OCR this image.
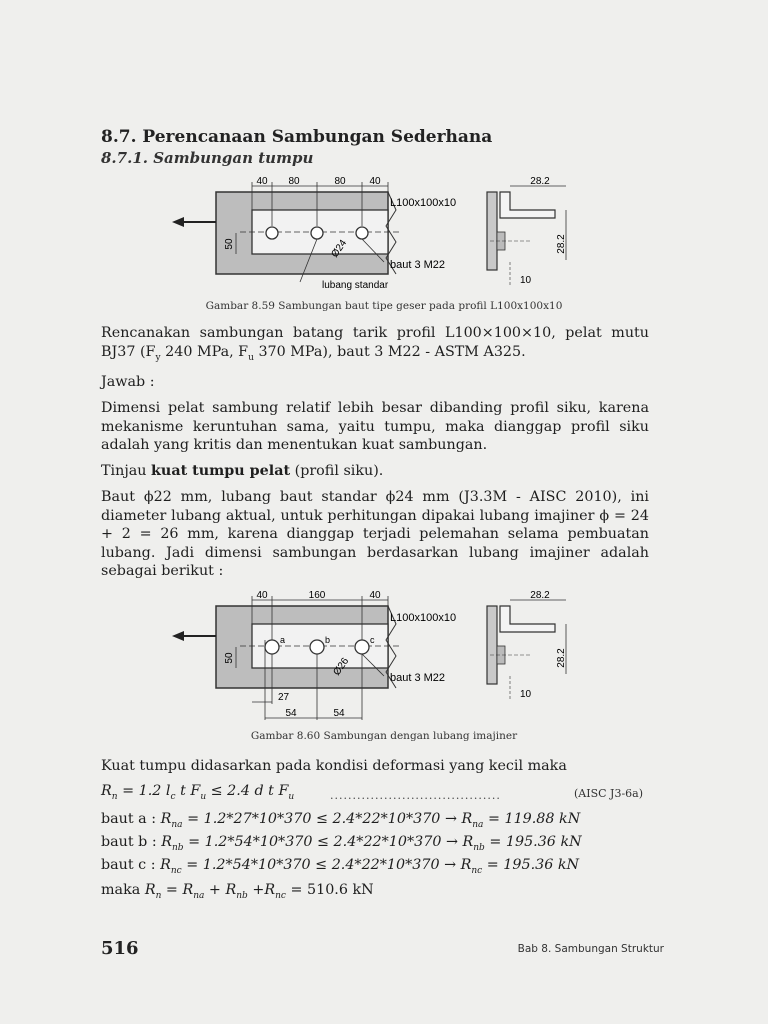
8.7. Perencanaan Sambungan Sederhana
8.7.1. Sambungan tumpu
40 80	80 40
50
L100x100x10
Ø24
baut 3 M22
lubang standar
28.2
28.2
10
Gambar 8.59 Sambungan baut tipe geser pada profil L100x100x10
Rencanakan sambungan batang tarik profil L100×100×10, pelat mutu BJ37 ($F_y$ 240 MPa, $F_u$ 370 MPa), baut 3 M22 - ASTM A325.
Jawab :
Dimensi pelat sambung relatif lebih besar dibanding profil siku, karena mekanisme keruntuhan sama, yaitu tumpu, maka dianggap profil siku adalah yang kritis dan menentukan kuat sambungan.
Tinjau kuat tumpu pelat (profil siku).
Baut ϕ22 mm, lubang baut standar ϕ24 mm (J3.3M - AISC 2010), ini diameter lubang aktual, untuk perhitungan dipakai lubang imajiner ϕ = 24 + 2 = 26 mm, karena dianggap terjadi pelemahan selama pembuatan lubang. Jadi dimensi sambungan berdasarkan lubang imajiner adalah sebagai berikut :
a	b	c
40	160	40
50
L100x100x10
Ø26
baut 3 M22
27
54	54
28.2
28.2
10
Gambar 8.60 Sambungan dengan lubang imajiner
Kuat tumpu didasarkan pada kondisi deformasi yang kecil maka
$R_n = 1.2$ $l_c$ t $F_u \le 2.4$ d t $F_u$	......................................	(AISC J3-6a)
baut a : $R_{na} = 1.2*27*10*370 \le 2.4*22*10*370 \to R_{na} = 119.88$ kN
baut b : $R_{nb} = 1.2*54*10*370 \le 2.4*22*10*370 \to R_{nb} = 195.36$ kN
baut c : $R_{nc} = 1.2*54*10*370 \le 2.4*22*10*370 \to R_{nc} = 195.36$ kN
maka $R_n = R_{na} + R_{nb} +R_{nc} = 510.6$ kN
516	Bab 8. Sambungan Struktur
